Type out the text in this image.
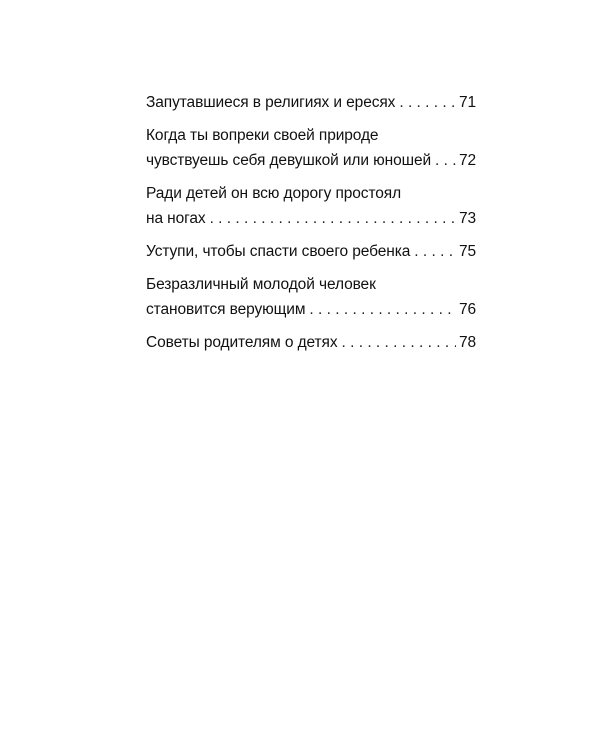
Запутавшиеся в религиях и ересях . . .	71
Когда ты вопреки своей природе
чувствуешь себя девушкой или юношей . . . 72
Ради детей он всю дорогу простоял
на ногах . . .	73
Уступи, чтобы спасти своего ребенка . . .	75
Безразличный молодой человек
становится верующим . . .	76
Советы родителям о детях . . .	78
